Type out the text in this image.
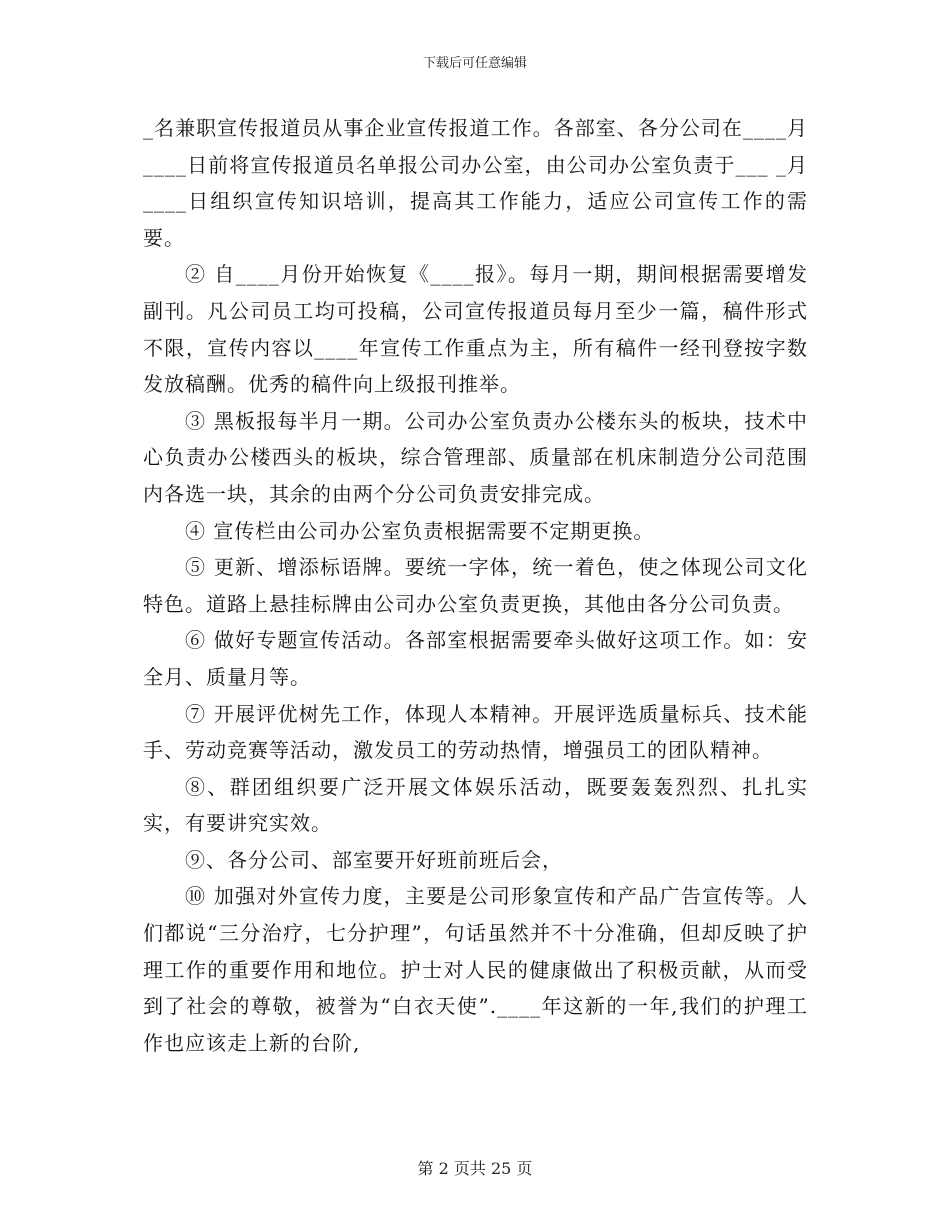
下载后可任意编辑

_名兼职宣传报道员从事企业宣传报道工作。各部室、各分公司在____月____日前将宣传报道员名单报公司办公室，由公司办公室负责于___ _月____日组织宣传知识培训，提高其工作能力，适应公司宣传工作的需要。

② 自____月份开始恢复《____报》。每月一期，期间根据需要增发副刊。凡公司员工均可投稿，公司宣传报道员每月至少一篇，稿件形式不限，宣传内容以____年宣传工作重点为主，所有稿件一经刊登按字数发放稿酬。优秀的稿件向上级报刊推举。

③ 黑板报每半月一期。公司办公室负责办公楼东头的板块，技术中心负责办公楼西头的板块，综合管理部、质量部在机床制造分公司范围内各选一块，其余的由两个分公司负责安排完成。

④ 宣传栏由公司办公室负责根据需要不定期更换。

⑤ 更新、增添标语牌。要统一字体，统一着色，使之体现公司文化特色。道路上悬挂标牌由公司办公室负责更换，其他由各分公司负责。

⑥ 做好专题宣传活动。各部室根据需要牵头做好这项工作。如：安全月、质量月等。

⑦ 开展评优树先工作，体现人本精神。开展评选质量标兵、技术能手、劳动竞赛等活动，激发员工的劳动热情，增强员工的团队精神。

⑧、群团组织要广泛开展文体娱乐活动，既要轰轰烈烈、扎扎实实，有要讲究实效。

⑨、各分公司、部室要开好班前班后会，

⑩ 加强对外宣传力度，主要是公司形象宣传和产品广告宣传等。人们都说“三分治疗，七分护理”，句话虽然并不十分准确，但却反映了护理工作的重要作用和地位。护士对人民的健康做出了积极贡献，从而受到了社会的尊敬，被誉为“白衣天使”.____年这新的一年,我们的护理工作也应该走上新的台阶,

第 2 页共 25 页
